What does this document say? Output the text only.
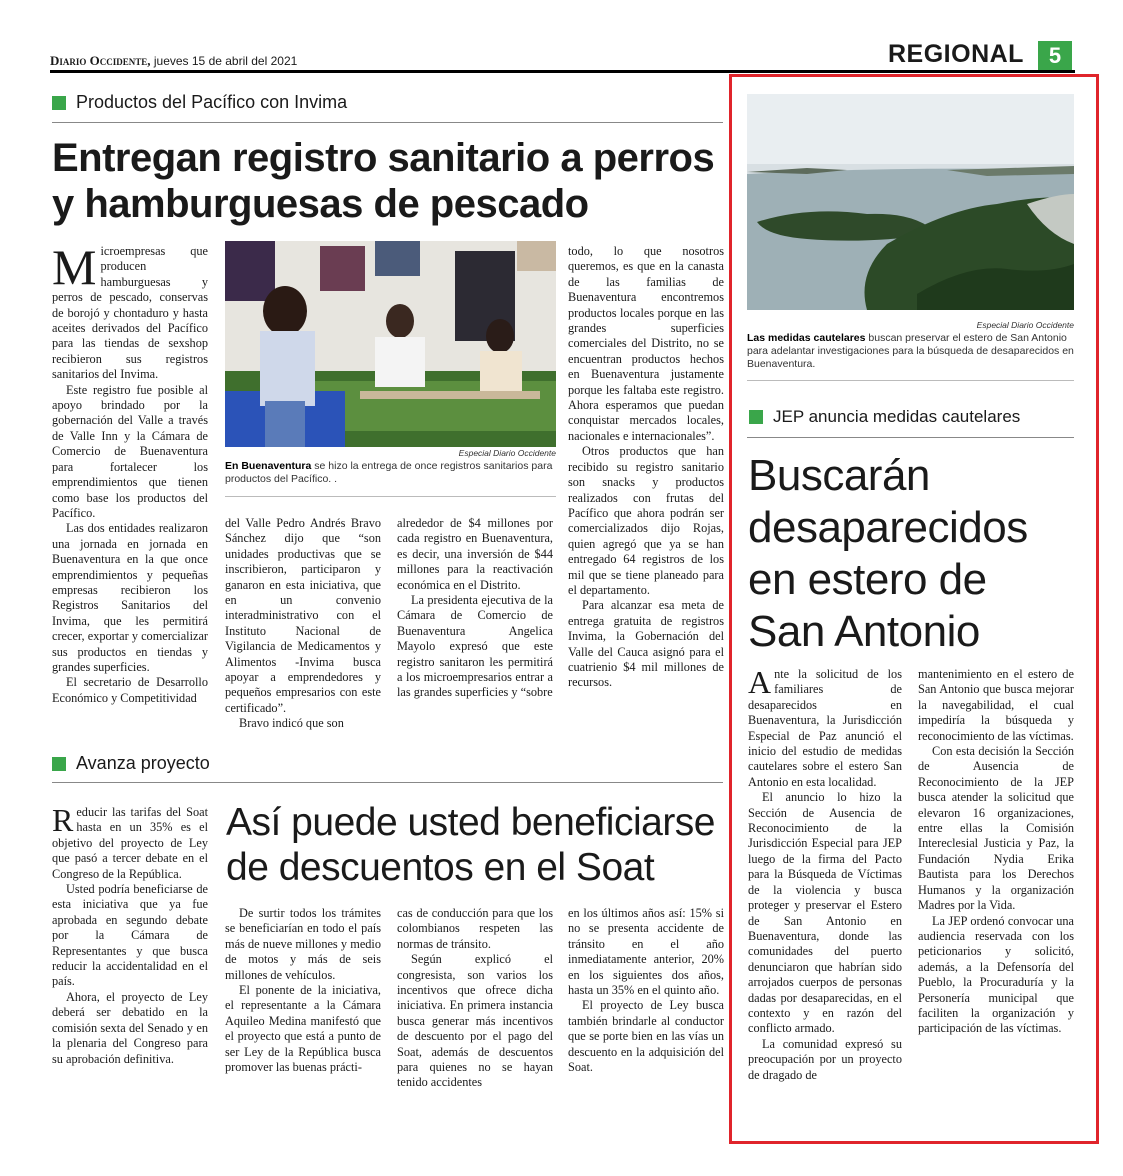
Diario Occidente, jueves 15 de abril del 2021	REGIONAL	5
Productos del Pacífico con Invima
Entregan registro sanitario a perros
y hamburguesas de pescado
Especial Diario Occidente
En Buenaventura se hizo la entrega de once registros sanitarios para productos del Pacífico. .

Microempresas que producen hamburguesas y perros de pescado, conservas de borojó y chontaduro y hasta aceites derivados del Pacífico para las tiendas de sexshop recibieron sus registros sanitarios del Invima.

Este registro fue posible al apoyo brindado por la gobernación del Valle a través de Valle Inn y la Cámara de Comercio de Buenaventura para fortalecer los emprendimientos que tienen como base los productos del Pacífico.

Las dos entidades realizaron una jornada en jornada en Buenaventura en la que once emprendimientos y pequeñas empresas recibieron los Registros Sanitarios del Invima, que les permitirá crecer, exportar y comercializar sus productos en tiendas y grandes superficies.

El secretario de Desarrollo Económico y Competitividad

del Valle Pedro Andrés Bravo Sánchez dijo que “son unidades productivas que se inscribieron, participaron y ganaron en esta iniciativa, que en un convenio interadministrativo con el Instituto Nacional de Vigilancia de Medicamentos y Alimentos -Invima busca apoyar a emprendedores y pequeños empresarios con este certificado”.

Bravo indicó que son

alrededor de $4 millones por cada registro en Buenaventura, es decir, una inversión de $44 millones para la reactivación económica en el Distrito.

La presidenta ejecutiva de la Cámara de Comercio de Buenaventura Angelica Mayolo expresó que este registro sanitaron les permitirá a los microempresarios entrar a las grandes superficies y “sobre

todo, lo que nosotros queremos, es que en la canasta de las familias de Buenaventura encontremos productos locales porque en las grandes superficies comerciales del Distrito, no se encuentran productos hechos en Buenaventura justamente porque les faltaba este registro. Ahora esperamos que puedan conquistar mercados locales, nacionales e internacionales”.

Otros productos que han recibido su registro sanitario son snacks y productos realizados con frutas del Pacífico que ahora podrán ser comercializados dijo Rojas, quien agregó que ya se han entregado 64 registros de los mil que se tiene planeado para el departamento.

Para alcanzar esa meta de entrega gratuita de registros Invima, la Gobernación del Valle del Cauca asignó para el cuatrienio $4 mil millones de recursos.

Avanza proyecto
Así puede usted beneficiarse
de descuentos en el Soat

Reducir las tarifas del Soat hasta en un 35% es el objetivo del proyecto de Ley que pasó a tercer debate en el Congreso de la República.

Usted podría beneficiarse de esta iniciativa que ya fue aprobada en segundo debate por la Cámara de Representantes y que busca reducir la accidentalidad en el país.

Ahora, el proyecto de Ley deberá ser debatido en la comisión sexta del Senado y en la plenaria del Congreso para su aprobación definitiva.

De surtir todos los trámites se beneficiarían en todo el país más de nueve millones y medio de motos y más de seis millones de vehículos.

El ponente de la iniciativa, el representante a la Cámara Aquileo Medina manifestó que el proyecto que está a punto de ser Ley de la República busca promover las buenas prácti-

cas de conducción para que los colombianos respeten las normas de tránsito.

Según explicó el congresista, son varios los incentivos que ofrece dicha iniciativa. En primera instancia busca generar más incentivos de descuento por el pago del Soat, además de descuentos para quienes no se hayan tenido accidentes

en los últimos años así: 15% si no se presenta accidente de tránsito en el año inmediatamente anterior, 20% en los siguientes dos años, hasta un 35% en el quinto año.

El proyecto de Ley busca también brindarle al conductor que se porte bien en las vías un descuento en la adquisición del Soat.

Especial Diario Occidente
Las medidas cautelares buscan preservar el estero de San Antonio para adelantar investigaciones para la búsqueda de desaparecidos en Buenaventura.
JEP anuncia medidas cautelares
Buscarán
desaparecidos
en estero de
San Antonio

Ante la solicitud de los familiares de desaparecidos en Buenaventura, la Jurisdicción Especial de Paz anunció el inicio del estudio de medidas cautelares sobre el estero San Antonio en esta localidad.

El anuncio lo hizo la Sección de Ausencia de Reconocimiento de la Jurisdicción Especial para JEP luego de la firma del Pacto para la Búsqueda de Víctimas de la violencia y busca proteger y preservar el Estero de San Antonio en Buenaventura, donde las comunidades del puerto denunciaron que habrían sido arrojados cuerpos de personas dadas por desaparecidas, en el contexto y en razón del conflicto armado.

La comunidad expresó su preocupación por un proyecto de dragado de

mantenimiento en el estero de San Antonio que busca mejorar la navegabilidad, el cual impediría la búsqueda y reconocimiento de las víctimas.

Con esta decisión la Sección de Ausencia de Reconocimiento de la JEP busca atender la solicitud que elevaron 16 organizaciones, entre ellas la Comisión Intereclesial Justicia y Paz, la Fundación Nydia Erika Bautista para los Derechos Humanos y la organización Madres por la Vida.

La JEP ordenó convocar una audiencia reservada con los peticionarios y solicitó, además, a la Defensoría del Pueblo, la Procuraduría y la Personería municipal que faciliten la organización y participación de las víctimas.
